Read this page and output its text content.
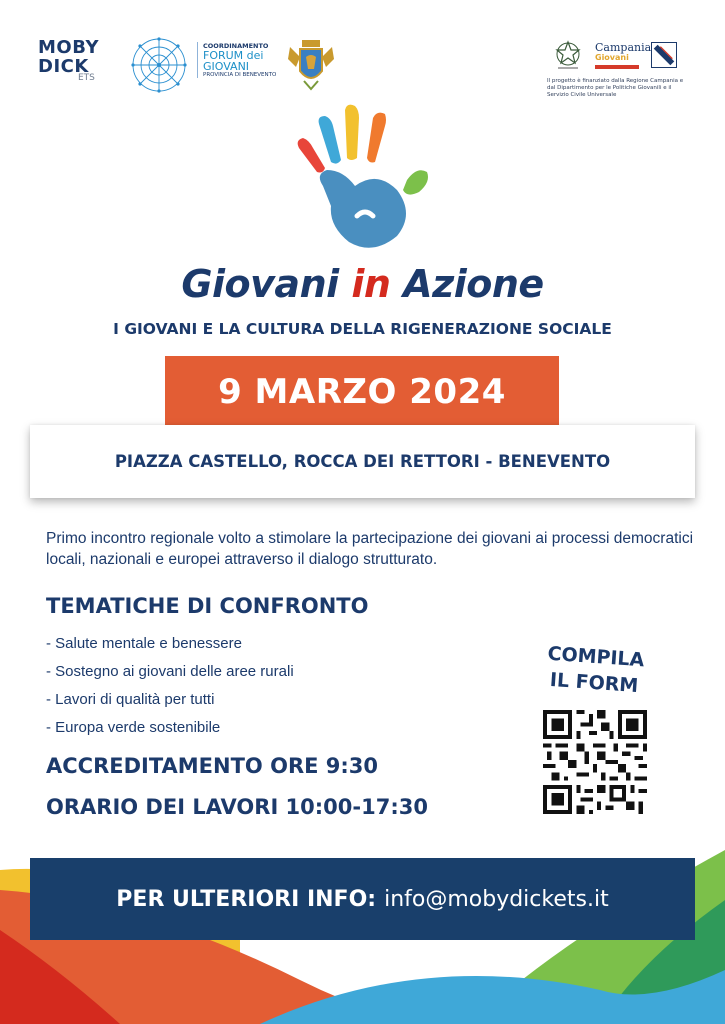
MOBY
DICK
ETS
COORDINAMENTO
FORUM dei
GIOVANI
PROVINCIA DI BENEVENTO
Campania
Giovani
Il progetto è finanziato dalla Regione Campania e dal Dipartimento per le Politiche Giovanili e il Servizio Civile Universale
Giovani in Azione
I GIOVANI E LA CULTURA DELLA RIGENERAZIONE SOCIALE
9 MARZO 2024
PIAZZA CASTELLO, ROCCA DEI RETTORI - BENEVENTO
Primo incontro regionale volto a stimolare la partecipazione dei giovani ai processi democratici locali, nazionali e europei attraverso il dialogo strutturato.
TEMATICHE DI CONFRONTO
- Salute mentale e benessere
- Sostegno ai giovani delle aree rurali
- Lavori di qualità per tutti
- Europa verde sostenibile
ACCREDITAMENTO ORE 9:30
ORARIO DEI LAVORI 10:00-17:30
COMPILA
IL FORM
PER ULTERIORI INFO: info@mobydickets.it
